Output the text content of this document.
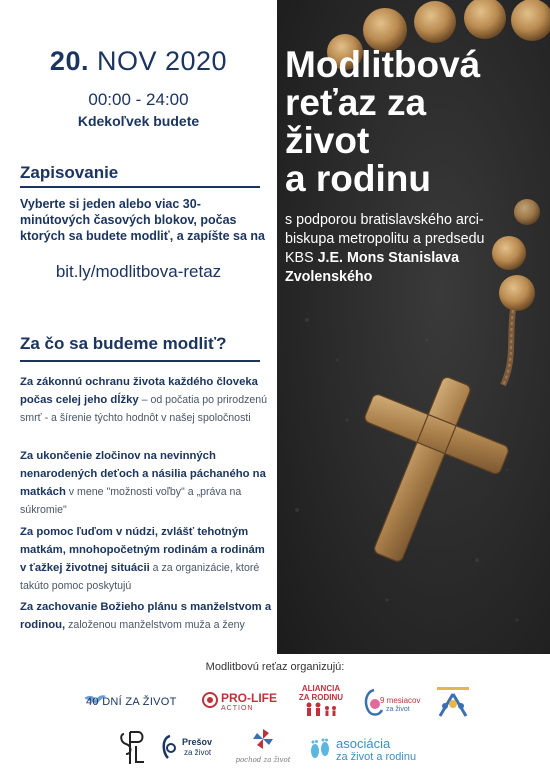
20. NOV 2020
00:00 - 24:00
Kdekoľvek budete
Zapisovanie
Vyberte si jeden alebo viac 30-minútových časových blokov, počas ktorých sa budete modliť, a zapíšte sa na
bit.ly/modlitbova-retaz
Za čo sa budeme modliť?
Za zákonnú ochranu života každého človeka počas celej jeho dĺžky – od počatia po prirodzenú smrť - a šírenie týchto hodnôt v našej spoločnosti
Za ukončenie zločinov na nevinných nenarodených deťoch a násilia páchaného na matkách v mene "možnosti voľby" a „práva na súkromie"
Za pomoc ľuďom v núdzi, zvlášť tehotným matkám, mnohopočetným rodinám a rodinám v ťažkej životnej situácii a za organizácie, ktoré takúto pomoc poskytujú
Za zachovanie Božieho plánu s manželstvom a rodinou, založenou manželstvom muža a ženy
Modlitbová
reťaz za
život
a rodinu
s podporou bratislavského arci-
biskupa metropolitu a predsedu
KBS J.E. Mons Stanislava Zvolenského
Modlitbovú reťaz organizujú:
40 DNÍ ZA ŽIVOT	PRO-LIFE
ACTION
ALIANCIA
ZA RODINU	9 mesiacov
za život
Prešov
za život
pochod za život
asociácia
za život a rodinu
